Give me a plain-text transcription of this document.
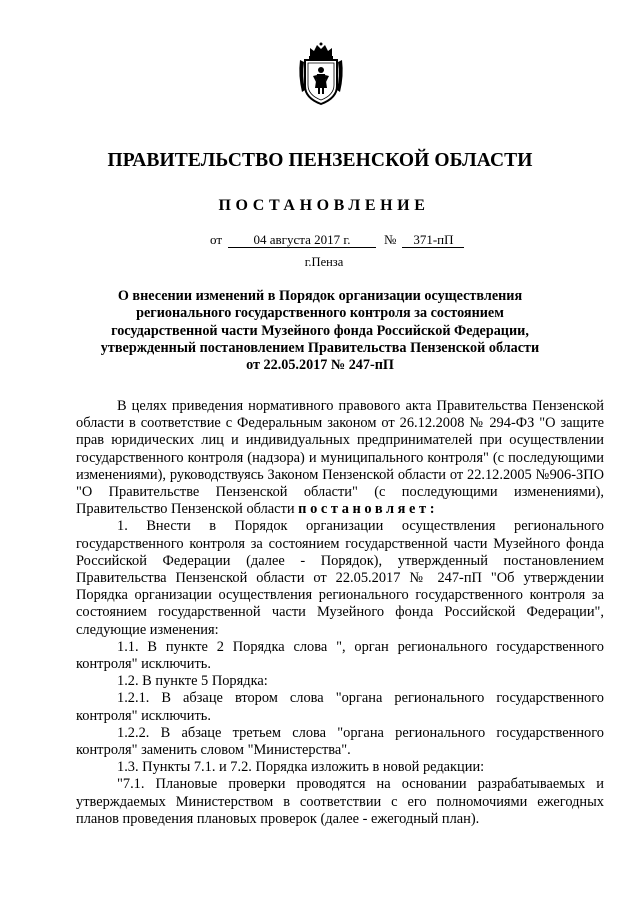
ПРАВИТЕЛЬСТВО ПЕНЗЕНСКОЙ ОБЛАСТИ
ПОСТАНОВЛЕНИЕ
от 04 августа 2017 г.	№ 371-пП
г.Пенза
О внесении изменений в Порядок организации осуществления регионального государственного контроля за состоянием государственной части Музейного фонда Российской Федерации, утвержденный постановлением Правительства Пензенской области от 22.05.2017 № 247-пП

В целях приведения нормативного правового акта Правительства Пензенской области в соответствие с Федеральным законом от 26.12.2008 № 294-ФЗ "О защите прав юридических лиц и индивидуальных предпринимателей при осуществлении государственного контроля (надзора) и муниципального контроля" (с последующими изменениями), руководствуясь Законом Пензенской области от 22.12.2005 №906-ЗПО "О Правительстве Пензенской области" (с последующими изменениями), Правительство Пензенской области постановляет:

1. Внести в Порядок организации осуществления регионального государственного контроля за состоянием государственной части Музейного фонда Российской Федерации (далее - Порядок), утвержденный постановлением Правительства Пензенской области от 22.05.2017 № 247-пП "Об утверждении Порядка организации осуществления регионального государственного контроля за состоянием государственной части Музейного фонда Российской Федерации", следующие изменения:

1.1. В пункте 2 Порядка слова ", орган регионального государственного контроля" исключить.

1.2. В пункте 5 Порядка:

1.2.1. В абзаце втором слова "органа регионального государственного контроля" исключить.

1.2.2. В абзаце третьем слова "органа регионального государственного контроля" заменить словом "Министерства".

1.3. Пункты 7.1. и 7.2. Порядка изложить в новой редакции:

"7.1. Плановые проверки проводятся на основании разрабатываемых и утверждаемых Министерством в соответствии с его полномочиями ежегодных планов проведения плановых проверок (далее - ежегодный план).
